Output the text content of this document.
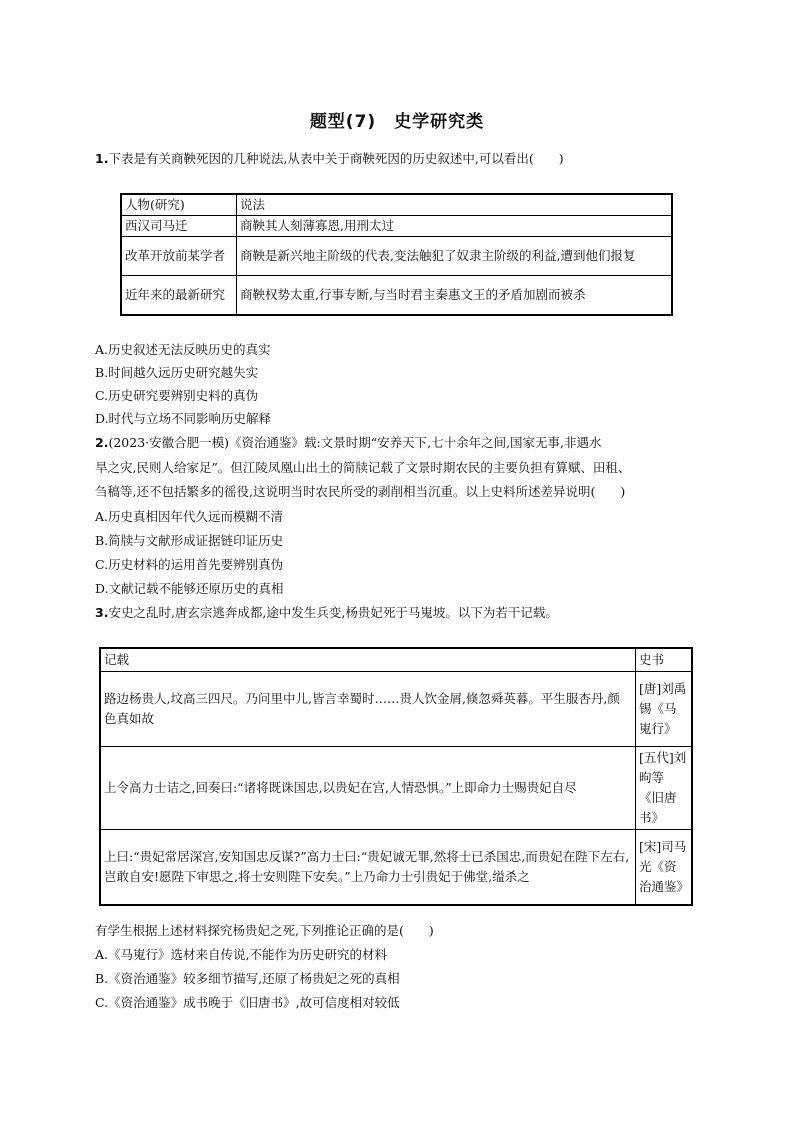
题型(7)　史学研究类
1.下表是有关商鞅死因的几种说法,从表中关于商鞅死因的历史叙述中,可以看出(　　)
人物(研究)	说法
西汉司马迁	商鞅其人刻薄寡恩,用刑太过
改革开放前某学者	商鞅是新兴地主阶级的代表,变法触犯了奴隶主阶级的利益,遭到他们报复
近年来的最新研究	商鞅权势太重,行事专断,与当时君主秦惠文王的矛盾加剧而被杀
A.历史叙述无法反映历史的真实
B.时间越久远历史研究越失实
C.历史研究要辨别史料的真伪
D.时代与立场不同影响历史解释
2.(2023·安徽合肥一模)《资治通鉴》载:文景时期“安养天下,七十余年之间,国家无事,非遇水
旱之灾,民则人给家足”。但江陵凤凰山出土的简牍记载了文景时期农民的主要负担有算赋、田租、
刍稿等,还不包括繁多的徭役,这说明当时农民所受的剥削相当沉重。以上史料所述差异说明(　　)
A.历史真相因年代久远而模糊不清
B.简牍与文献形成证据链印证历史
C.历史材料的运用首先要辨别真伪
D.文献记载不能够还原历史的真相
3.安史之乱时,唐玄宗逃奔成都,途中发生兵变,杨贵妃死于马嵬坡。以下为若干记载。
记载	史书
路边杨贵人,坟高三四尺。乃问里中儿,皆言幸蜀时……贵人饮金屑,倏忽舜英暮。平生服杏丹,颜色真如故	[唐]刘禹锡《马嵬行》
上令高力士诘之,回奏曰:“诸将既诛国忠,以贵妃在宫,人情恐惧。”上即命力士赐贵妃自尽	[五代]刘昫等《旧唐书》
上曰:“贵妃常居深宫,安知国忠反谋?”高力士曰:“贵妃诚无罪,然将士已杀国忠,而贵妃在陛下左右,岂敢自安!愿陛下审思之,将士安则陛下安矣。”上乃命力士引贵妃于佛堂,缢杀之	[宋]司马光《资治通鉴》
有学生根据上述材料探究杨贵妃之死,下列推论正确的是(　　)
A.《马嵬行》选材来自传说,不能作为历史研究的材料
B.《资治通鉴》较多细节描写,还原了杨贵妃之死的真相
C.《资治通鉴》成书晚于《旧唐书》,故可信度相对较低
